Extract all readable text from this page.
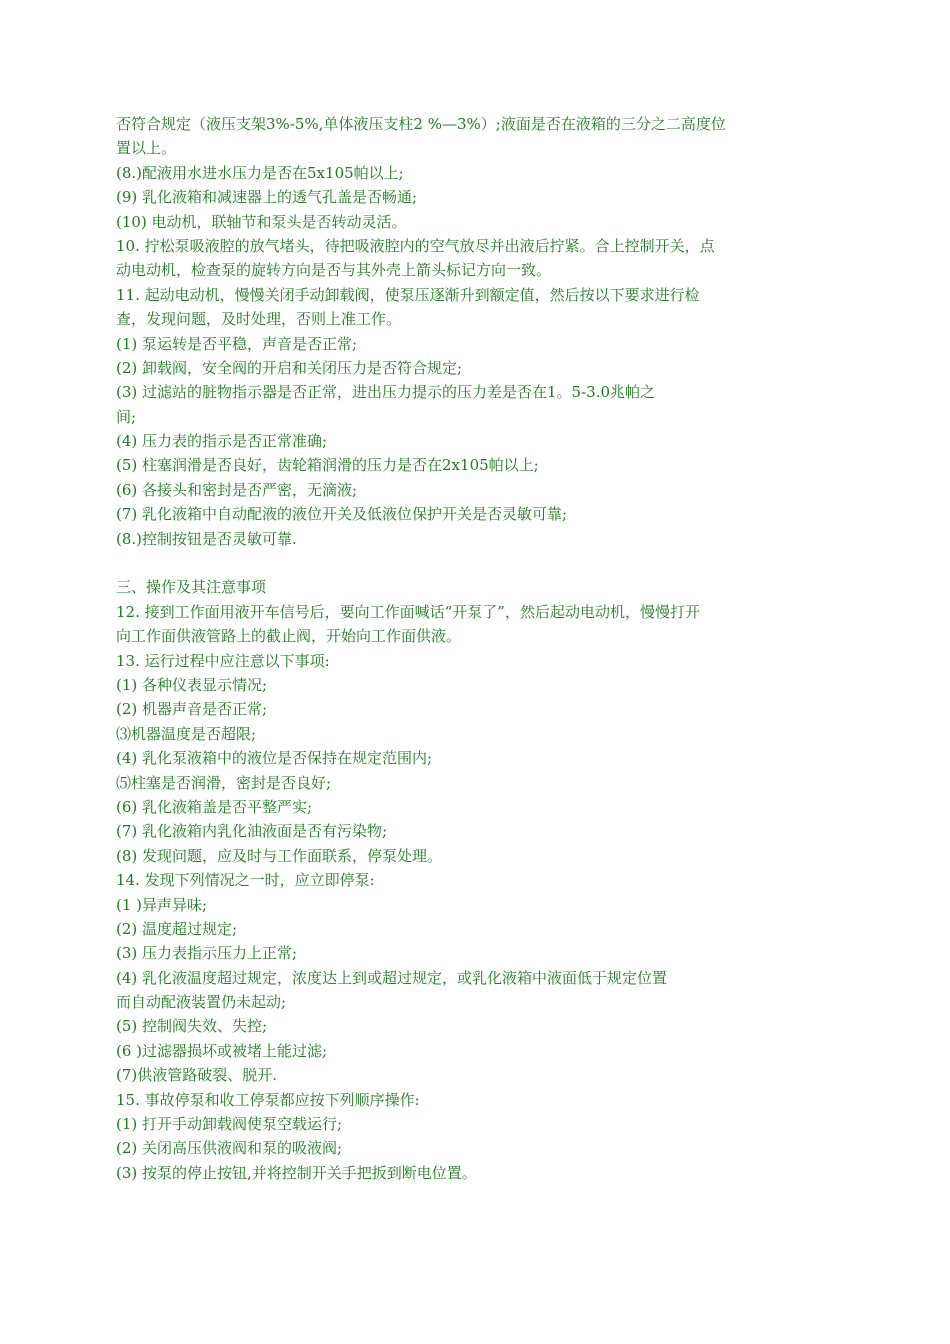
否符合规定（液压支架3%-5%,单体液压支柱2 %—3%）;液面是否在液箱的三分之二高度位
置以上。
(8.)配液用水进水压力是否在5x105帕以上;
(9) 乳化液箱和减速器上的透气孔盖是否畅通;
(10) 电动机，联轴节和泵头是否转动灵活。
10. 拧松泵吸液腔的放气堵头，待把吸液腔内的空气放尽并出液后拧紧。合上控制开关，点
动电动机，检查泵的旋转方向是否与其外壳上箭头标记方向一致。
11. 起动电动机，慢慢关闭手动卸载阀，使泵压逐渐升到额定值，然后按以下要求进行检
查，发现问题，及时处理，否则上准工作。
(1) 泵运转是否平稳，声音是否正常;
(2) 卸载阀，安全阀的开启和关闭压力是否符合规定;
(3) 过滤站的脏物指示器是否正常，进出压力提示的压力差是否在1。5-3.0兆帕之
间;
(4) 压力表的指示是否正常准确;
(5) 柱塞润滑是否良好，齿轮箱润滑的压力是否在2x105帕以上;
(6) 各接头和密封是否严密，无滴液;
(7) 乳化液箱中自动配液的液位开关及低液位保护开关是否灵敏可靠;
(8.)控制按钮是否灵敏可靠.
三、操作及其注意事项
12. 接到工作面用液开车信号后，要向工作面喊话“开泵了”，然后起动电动机，慢慢打开
向工作面供液管路上的截止阀，开始向工作面供液。
13. 运行过程中应注意以下事项:
(1) 各种仪表显示情况;
(2) 机器声音是否正常;
⑶机器温度是否超限;
(4) 乳化泵液箱中的液位是否保持在规定范围内;
⑸柱塞是否润滑，密封是否良好;
(6) 乳化液箱盖是否平整严实;
(7) 乳化液箱内乳化油液面是否有污染物;
(8) 发现问题，应及时与工作面联系，停泵处理。
14. 发现下列情况之一时，应立即停泵:
(1 )异声异味;
(2) 温度超过规定;
(3) 压力表指示压力上正常;
(4) 乳化液温度超过规定，浓度达上到或超过规定，或乳化液箱中液面低于规定位置
而自动配液装置仍未起动;
(5) 控制阀失效、失控;
(6 )过滤器损坏或被堵上能过滤;
(7)供液管路破裂、脱开.
15. 事故停泵和收工停泵都应按下列顺序操作:
(1) 打开手动卸载阀使泵空载运行;
(2) 关闭高压供液阀和泵的吸液阀;
(3) 按泵的停止按钮,并将控制开关手把扳到断电位置。
